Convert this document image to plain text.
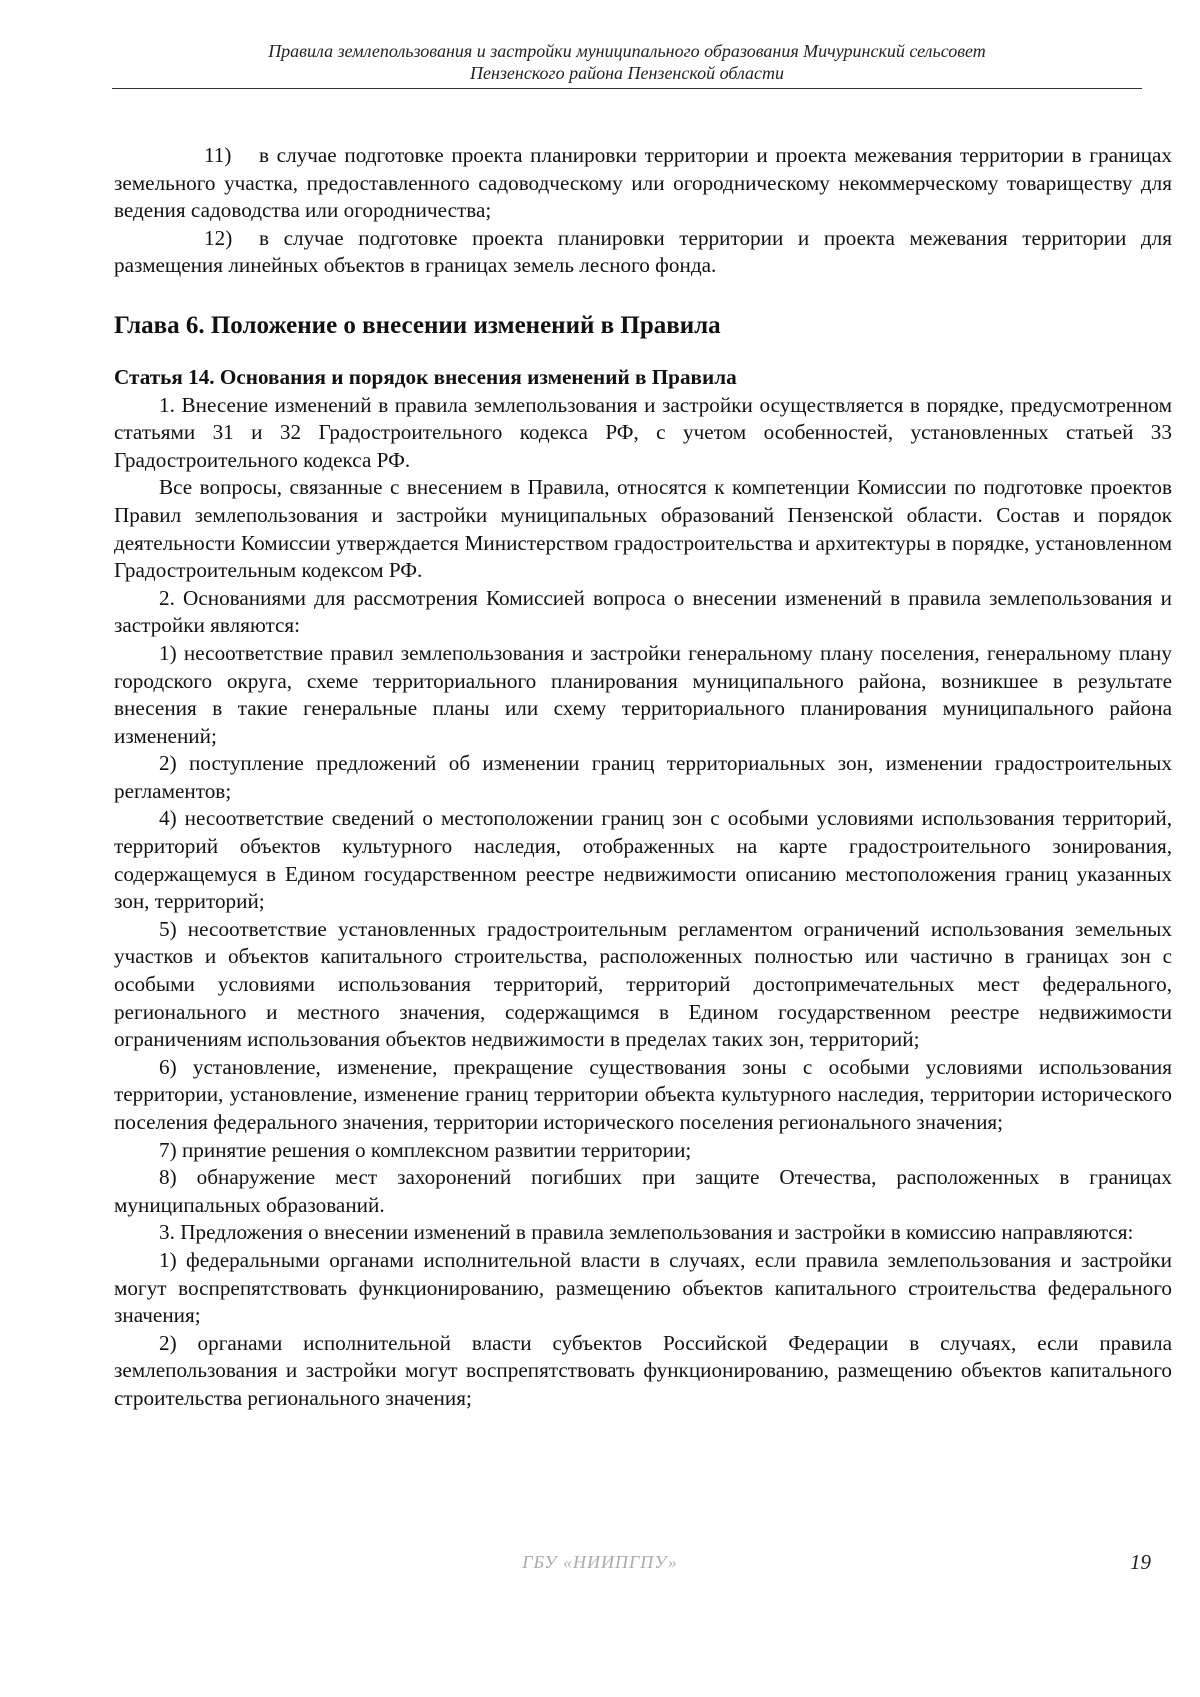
Правила землепользования и застройки муниципального образования Мичуринский сельсовет
Пензенского района Пензенской области

11) в случае подготовке проекта планировки территории и проекта межевания территории в границах земельного участка, предоставленного садоводческому или огородническому некоммерческому товариществу для ведения садоводства или огородничества;

12) в случае подготовке проекта планировки территории и проекта межевания территории для размещения линейных объектов в границах земель лесного фонда.

Глава 6. Положение о внесении изменений в Правила
Статья 14. Основания и порядок внесения изменений в Правила

1. Внесение изменений в правила землепользования и застройки осуществляется в порядке, предусмотренном статьями 31 и 32 Градостроительного кодекса РФ, с учетом особенностей, установленных статьей 33 Градостроительного кодекса РФ.

Все вопросы, связанные с внесением в Правила, относятся к компетенции Комиссии по подготовке проектов Правил землепользования и застройки муниципальных образований Пензенской области. Состав и порядок деятельности Комиссии утверждается Министерством градостроительства и архитектуры в порядке, установленном Градостроительным кодексом РФ.

2. Основаниями для рассмотрения Комиссией вопроса о внесении изменений в правила землепользования и застройки являются:

1) несоответствие правил землепользования и застройки генеральному плану поселения, генеральному плану городского округа, схеме территориального планирования муниципального района, возникшее в результате внесения в такие генеральные планы или схему территориального планирования муниципального района изменений;

2) поступление предложений об изменении границ территориальных зон, изменении градостроительных регламентов;

4) несоответствие сведений о местоположении границ зон с особыми условиями использования территорий, территорий объектов культурного наследия, отображенных на карте градостроительного зонирования, содержащемуся в Едином государственном реестре недвижимости описанию местоположения границ указанных зон, территорий;

5) несоответствие установленных градостроительным регламентом ограничений использования земельных участков и объектов капитального строительства, расположенных полностью или частично в границах зон с особыми условиями использования территорий, территорий достопримечательных мест федерального, регионального и местного значения, содержащимся в Едином государственном реестре недвижимости ограничениям использования объектов недвижимости в пределах таких зон, территорий;

6) установление, изменение, прекращение существования зоны с особыми условиями использования территории, установление, изменение границ территории объекта культурного наследия, территории исторического поселения федерального значения, территории исторического поселения регионального значения;

7) принятие решения о комплексном развитии территории;

8) обнаружение мест захоронений погибших при защите Отечества, расположенных в границах муниципальных образований.

3. Предложения о внесении изменений в правила землепользования и застройки в комиссию направляются:

1) федеральными органами исполнительной власти в случаях, если правила землепользования и застройки могут воспрепятствовать функционированию, размещению объектов капитального строительства федерального значения;

2) органами исполнительной власти субъектов Российской Федерации в случаях, если правила землепользования и застройки могут воспрепятствовать функционированию, размещению объектов капитального строительства регионального значения;

ГБУ «НИИПГПУ»	19
